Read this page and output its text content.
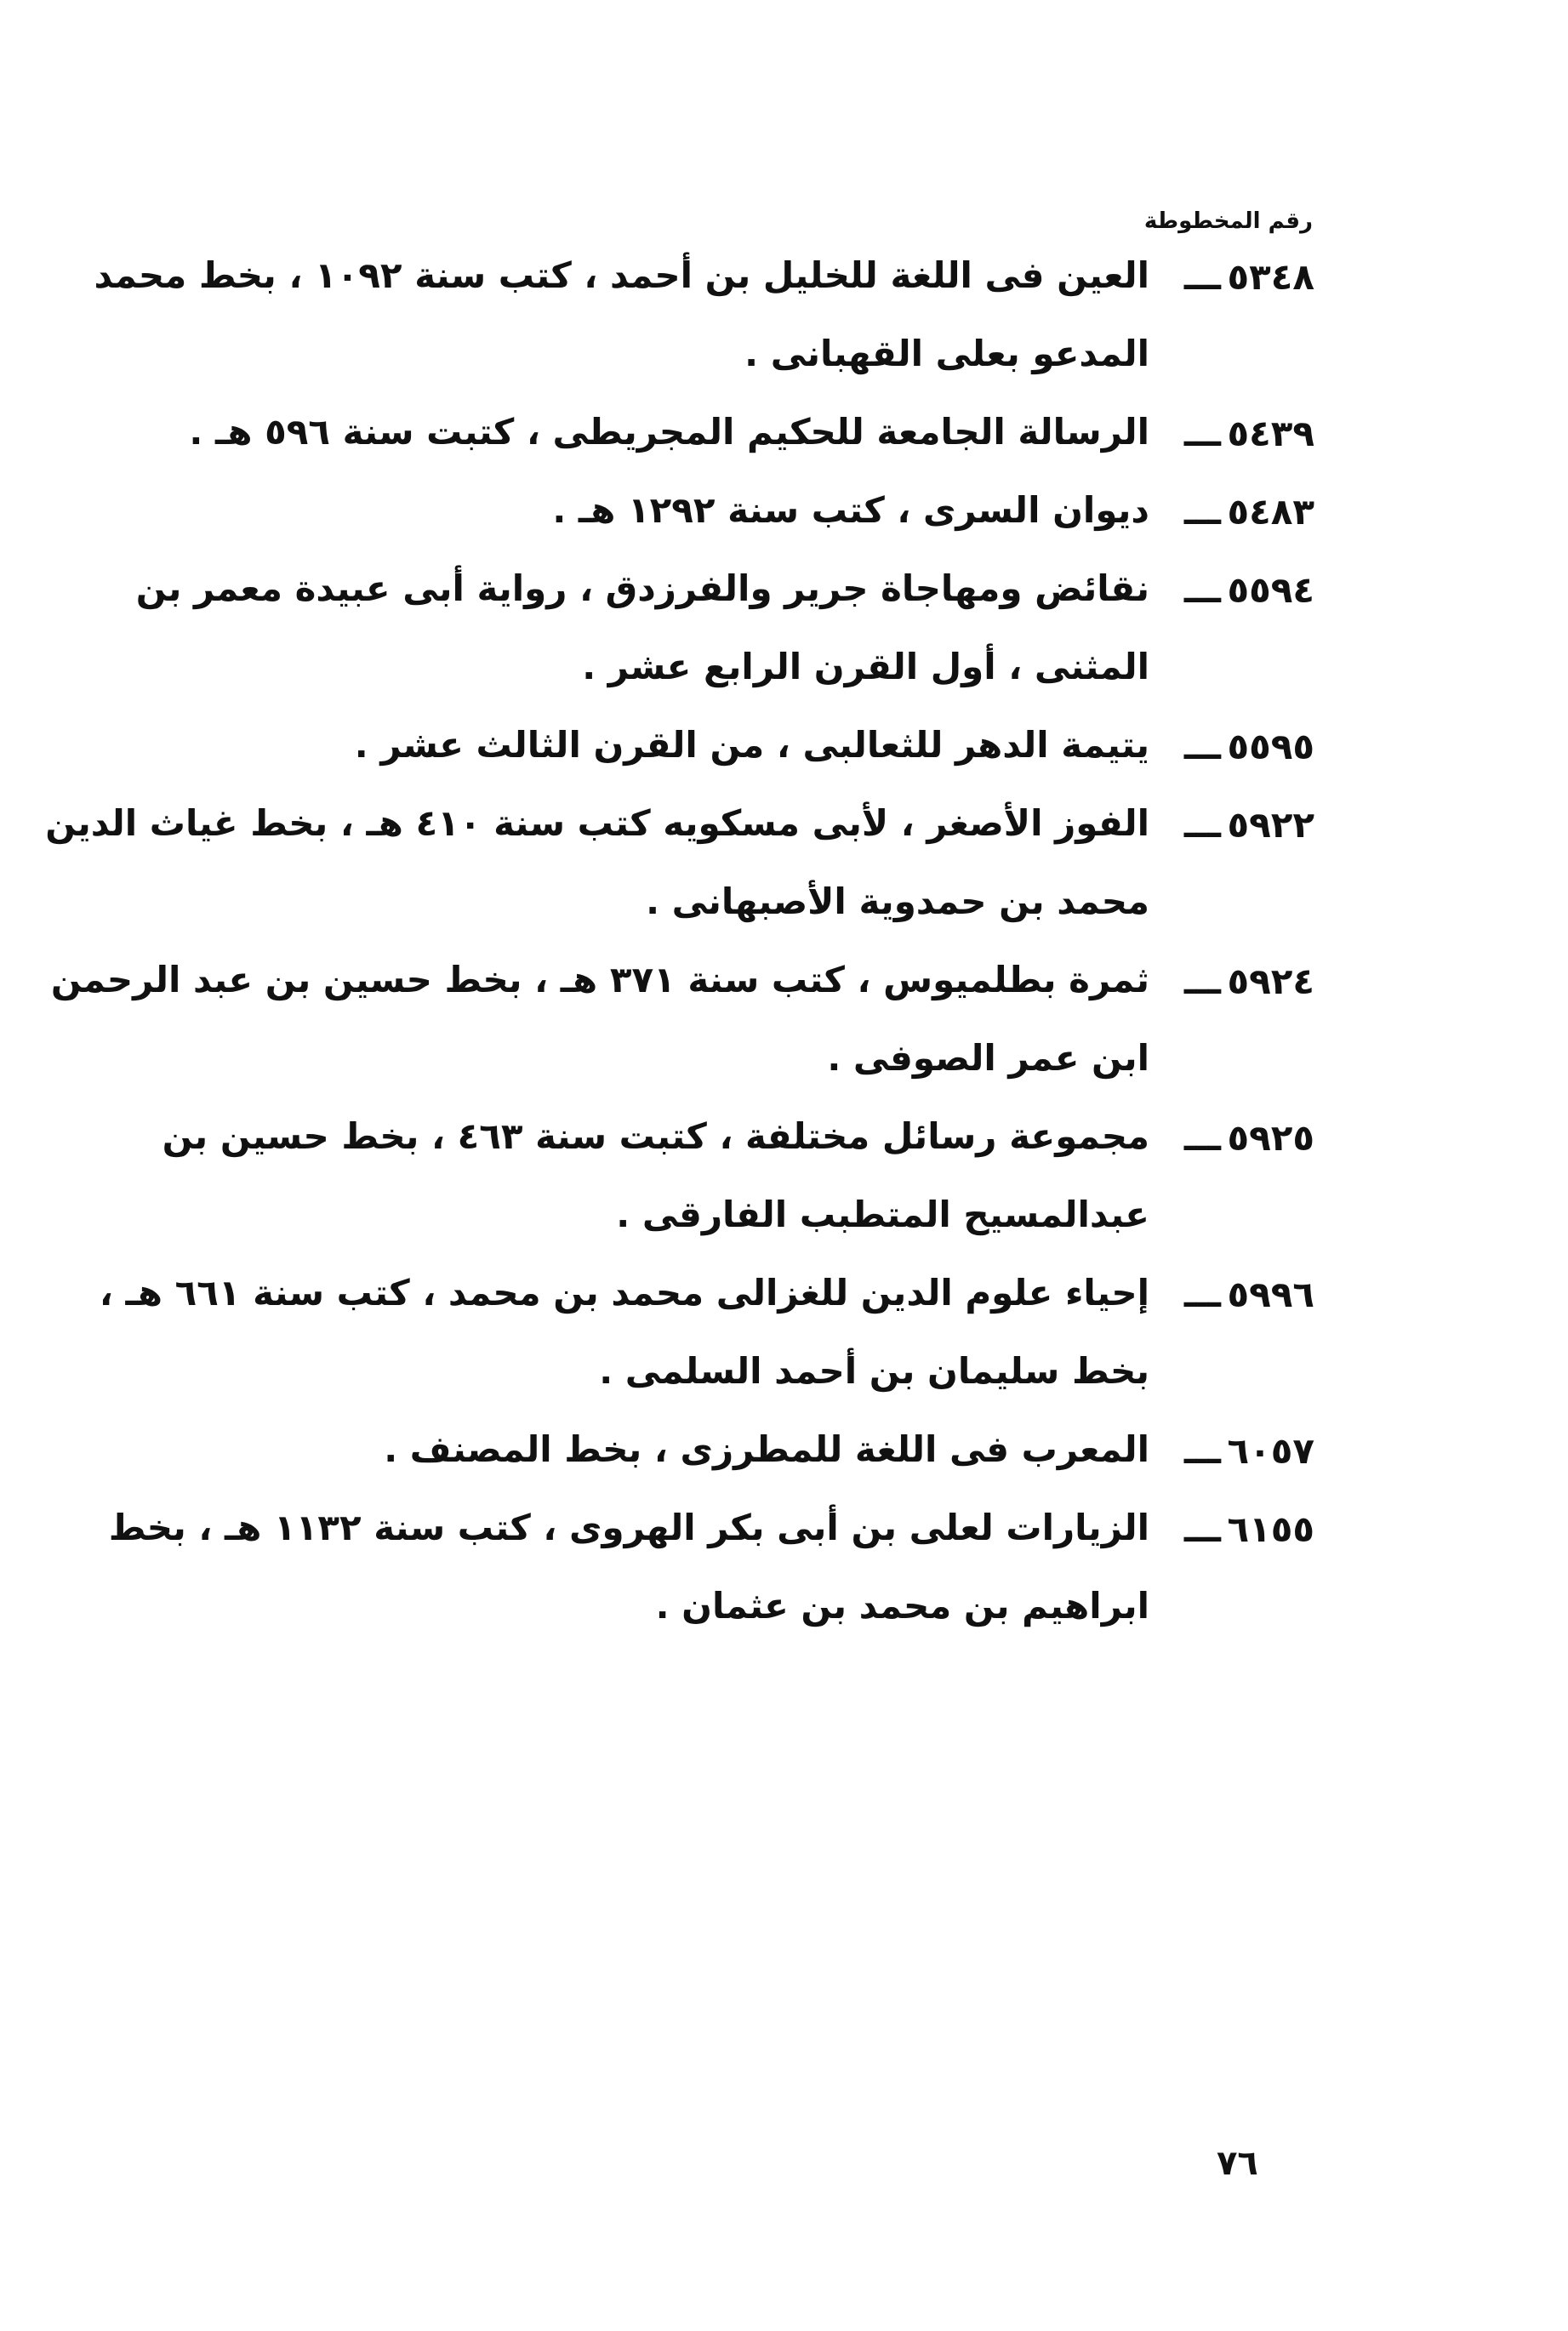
رقم المخطوطة
٥٣٤٨
ـــ
العين فى اللغة للخليل بن أحمد ، كتب سنة ١٠٩٢ ، بخط محمد
المدعو بعلى القهبانى .
٥٤٣٩
ـــ
الرسالة الجامعة للحكيم المجريطى ، كتبت سنة ٥٩٦ هـ .
٥٤٨٣
ـــ
ديوان السرى ، كتب سنة ١٢٩٢ هـ .
٥٥٩٤
ـــ
نقائض ومهاجاة جرير والفرزدق ، رواية أبى عبيدة معمر بن
المثنى ، أول القرن الرابع عشر .
٥٥٩٥
ـــ
يتيمة الدهر للثعالبى ، من القرن الثالث عشر .
٥٩٢٢
ـــ
الفوز الأصغر ، لأبى مسكويه كتب سنة ٤١٠ هـ ، بخط غياث الدين
محمد بن حمدوية الأصبهانى .
٥٩٢٤
ـــ
ثمرة بطلميوس ، كتب سنة ٣٧١ هـ ، بخط حسين بن عبد الرحمن
ابن عمر الصوفى .
٥٩٢٥
ـــ
مجموعة رسائل مختلفة ، كتبت سنة ٤٦٣ ، بخط حسين بن
عبدالمسيح المتطبب الفارقى .
٥٩٩٦
ـــ
إحياء علوم الدين للغزالى محمد بن محمد ، كتب سنة ٦٦١ هـ ،
بخط سليمان بن أحمد السلمى .
٦٠٥٧
ـــ
المعرب فى اللغة للمطرزى ، بخط المصنف .
٦١٥٥
ـــ
الزيارات لعلى بن أبى بكر الهروى ، كتب سنة ١١٣٢ هـ ، بخط
ابراهيم بن محمد بن عثمان .
٧٦
